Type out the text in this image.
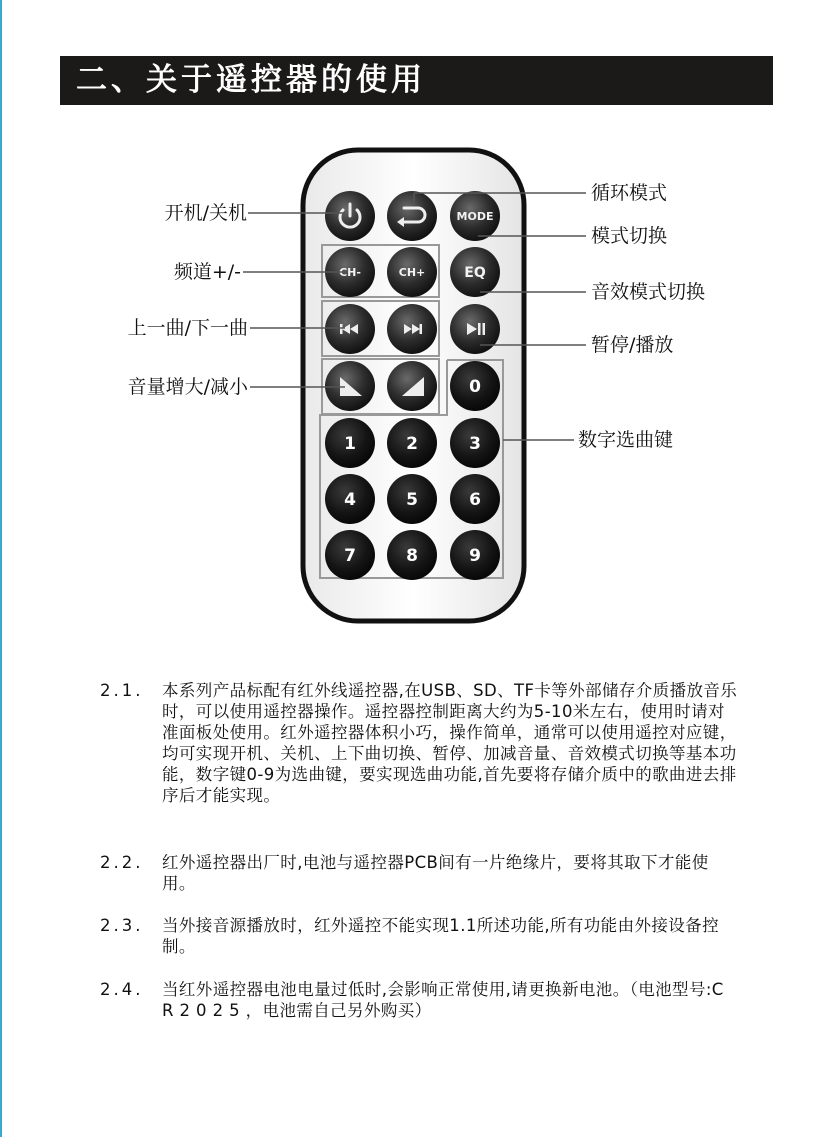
二、关于遥控器的使用
MODE
CH-	CH+	EQ
0
1	2	3
4	5	6
7	8	9
开机/关机
频道+/-
上一曲/下一曲
音量增大/减小
循环模式
模式切换
音效模式切换
暂停/播放
数字选曲键
2.1.	本系列产品标配有红外线遥控器,在USB、SD、TF卡等外部储存介质播放音乐时，可以使用遥控器操作。遥控器控制距离大约为5-10米左右，使用时请对准面板处使用。红外遥控器体积小巧，操作简单，通常可以使用遥控对应键，均可实现开机、关机、上下曲切换、暂停、加减音量、音效模式切换等基本功能，数字键0-9为选曲键，要实现选曲功能,首先要将存储介质中的歌曲进去排序后才能实现。
2.2.	红外遥控器出厂时,电池与遥控器PCB间有一片绝缘片，要将其取下才能使用。
2.3.	当外接音源播放时，红外遥控不能实现1.1所述功能,所有功能由外接设备控制。
2.4.	当红外遥控器电池电量过低时,会影响正常使用,请更换新电池。（电池型号:C R 2 0 2 5 ，电池需自己另外购买）
